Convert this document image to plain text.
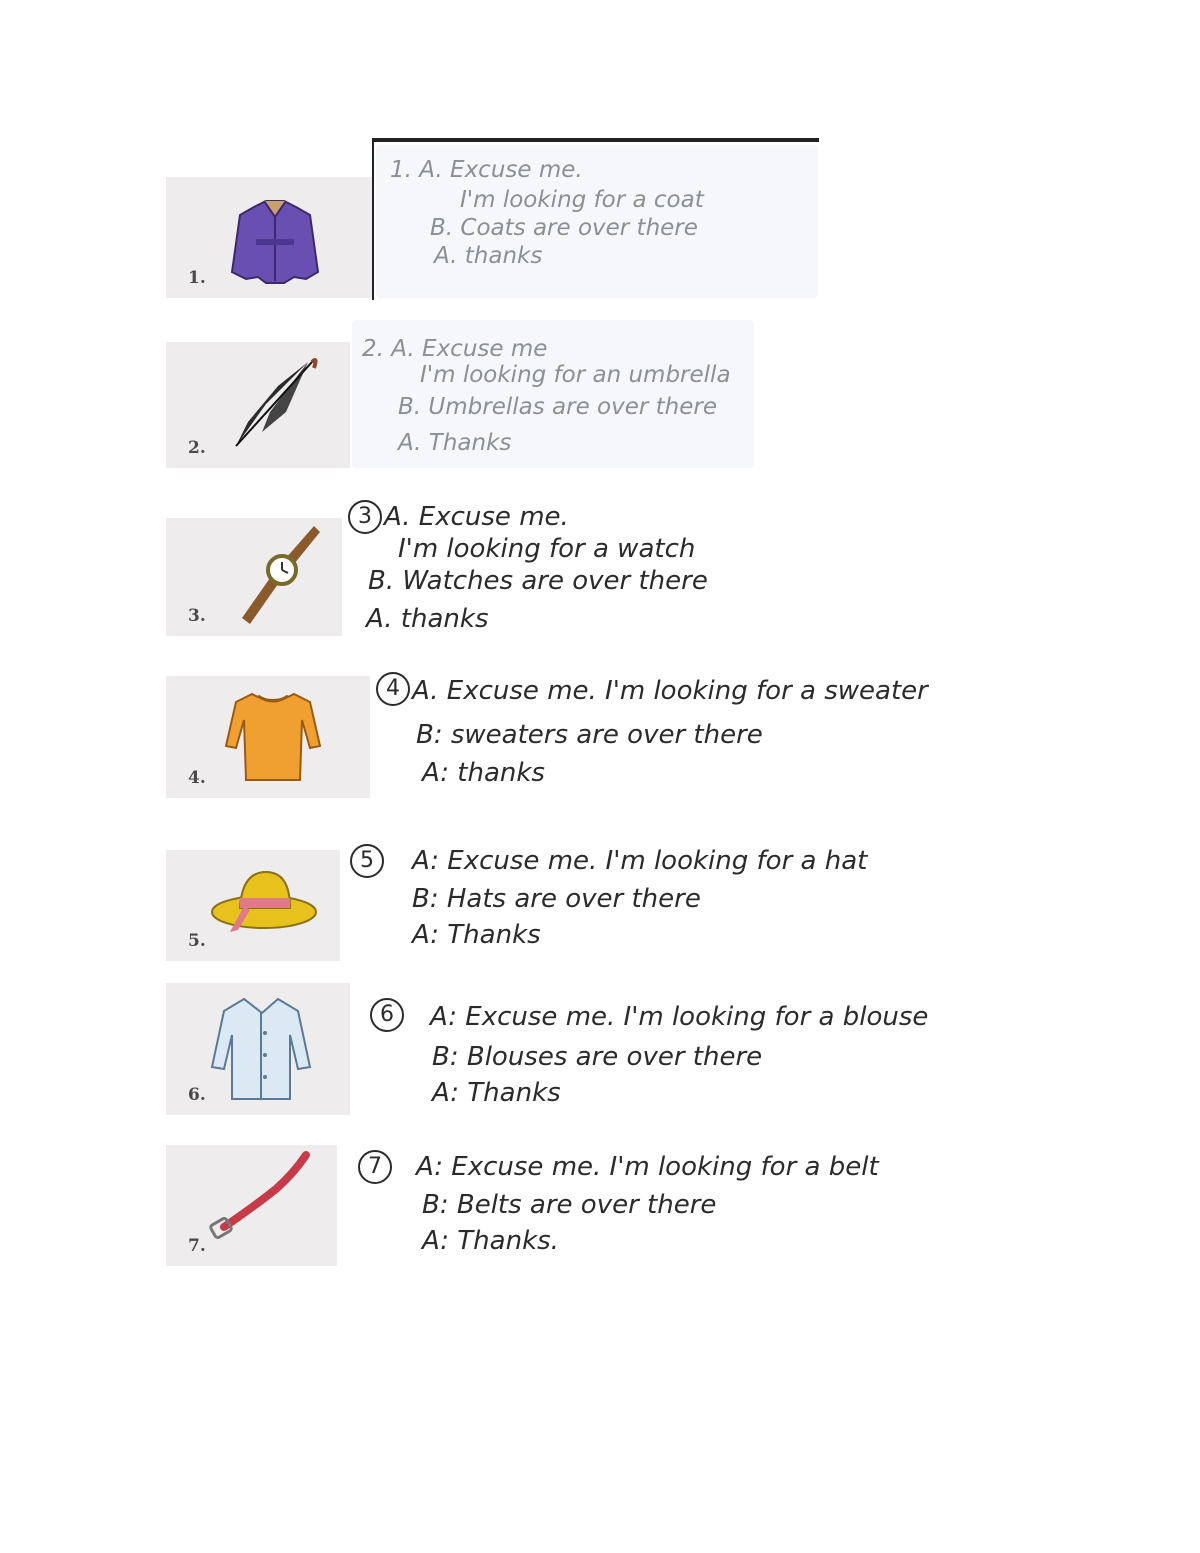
1.
1. A. Excuse me.
I'm looking for a coat
B. Coats are over there
A. thanks
2.
2. A. Excuse me
I'm looking for an umbrella
B. Umbrellas are over there
A. Thanks
3.
3 A. Excuse me.
I'm looking for a watch
B. Watches are over there
A. thanks
4.
4 A. Excuse me. I'm looking for a sweater
B: sweaters are over there
A: thanks
5.
5	A: Excuse me. I'm looking for a hat
B: Hats are over there
A: Thanks
6.
6	A: Excuse me. I'm looking for a blouse
B: Blouses are over there
A: Thanks
7.
7	A: Excuse me. I'm looking for a belt
B: Belts are over there
A: Thanks.
